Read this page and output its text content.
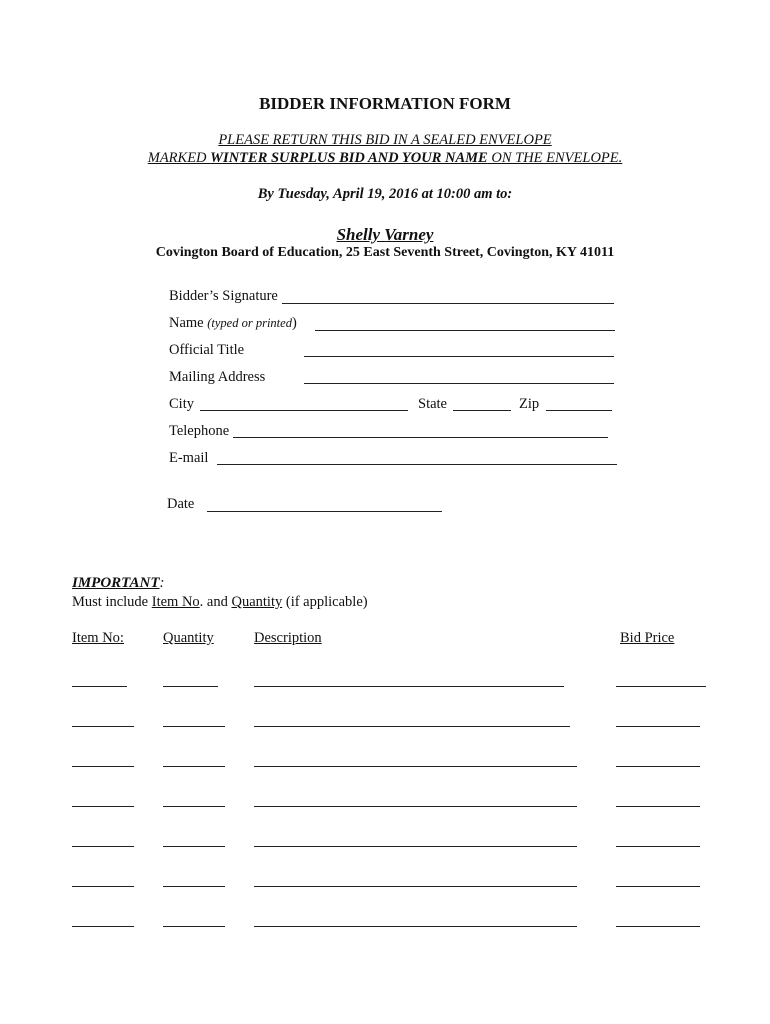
BIDDER INFORMATION FORM
PLEASE RETURN THIS BID IN A SEALED ENVELOPE
MARKED WINTER SURPLUS BID AND YOUR NAME ON THE ENVELOPE.
By Tuesday, April 19, 2016 at 10:00 am to:
Shelly Varney
Covington Board of Education, 25 East Seventh Street, Covington, KY 41011
Bidder’s Signature
Name (typed or printed)
Official Title
Mailing Address
City	State	Zip
Telephone
E-mail
Date
IMPORTANT:
Must include Item No. and Quantity (if applicable)
Item No:	Quantity	Description	Bid Price
